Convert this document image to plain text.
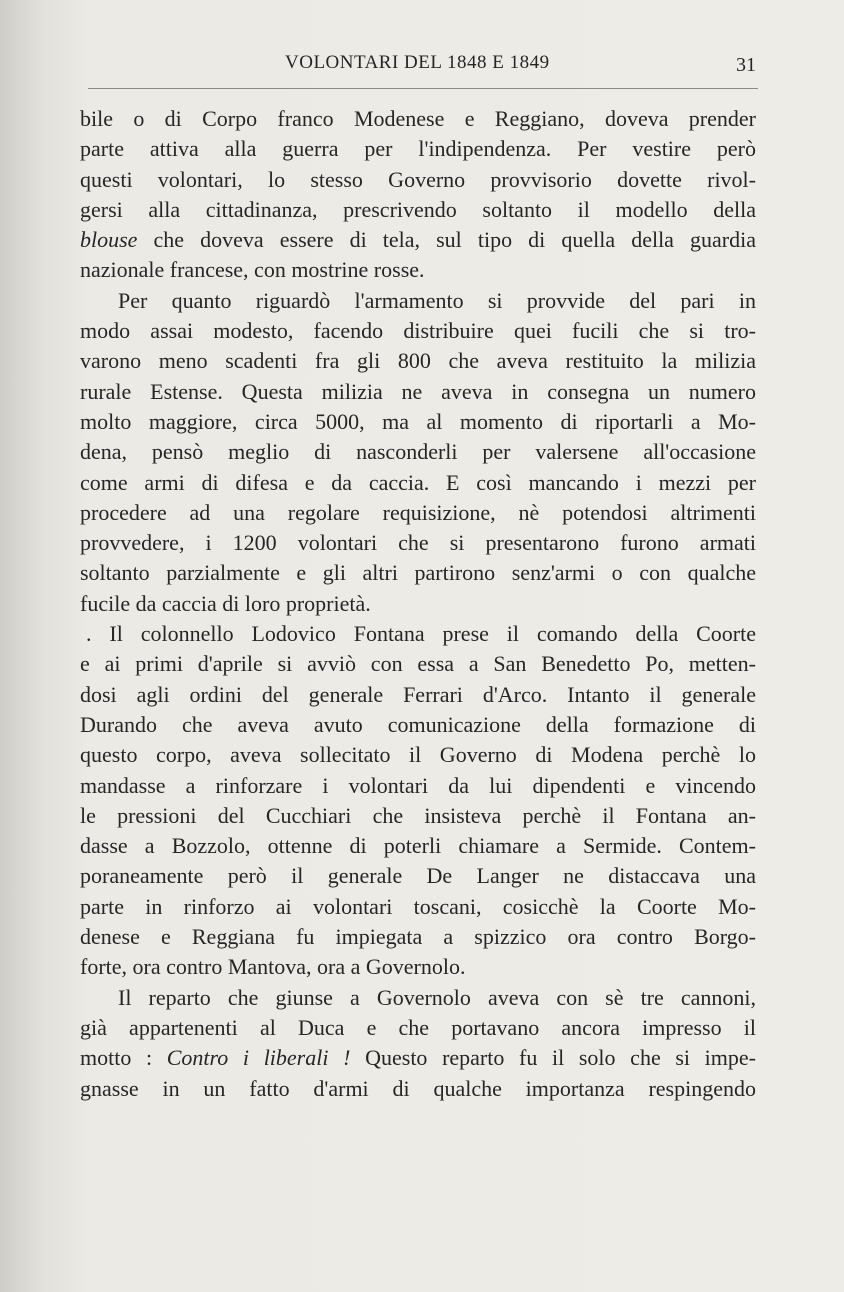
VOLONTARI DEL 1848 E 1849	31
bile o di Corpo franco Modenese e Reggiano, doveva prender
parte attiva alla guerra per l'indipendenza. Per vestire però
questi volontari, lo stesso Governo provvisorio dovette rivol-
gersi alla cittadinanza, prescrivendo soltanto il modello della
blouse che doveva essere di tela, sul tipo di quella della guardia
nazionale francese, con mostrine rosse.
Per quanto riguardò l'armamento si provvide del pari in
modo assai modesto, facendo distribuire quei fucili che si tro-
varono meno scadenti fra gli 800 che aveva restituito la milizia
rurale Estense. Questa milizia ne aveva in consegna un numero
molto maggiore, circa 5000, ma al momento di riportarli a Mo-
dena, pensò meglio di nasconderli per valersene all'occasione
come armi di difesa e da caccia. E così mancando i mezzi per
procedere ad una regolare requisizione, nè potendosi altrimenti
provvedere, i 1200 volontari che si presentarono furono armati
soltanto parzialmente e gli altri partirono senz'armi o con qualche
fucile da caccia di loro proprietà.
. Il colonnello Lodovico Fontana prese il comando della Coorte
e ai primi d'aprile si avviò con essa a San Benedetto Po, metten-
dosi agli ordini del generale Ferrari d'Arco. Intanto il generale
Durando che aveva avuto comunicazione della formazione di
questo corpo, aveva sollecitato il Governo di Modena perchè lo
mandasse a rinforzare i volontari da lui dipendenti e vincendo
le pressioni del Cucchiari che insisteva perchè il Fontana an-
dasse a Bozzolo, ottenne di poterli chiamare a Sermide. Contem-
poraneamente però il generale De Langer ne distaccava una
parte in rinforzo ai volontari toscani, cosicchè la Coorte Mo-
denese e Reggiana fu impiegata a spizzico ora contro Borgo-
forte, ora contro Mantova, ora a Governolo.
Il reparto che giunse a Governolo aveva con sè tre cannoni,
già appartenenti al Duca e che portavano ancora impresso il
motto : Contro i liberali ! Questo reparto fu il solo che si impe-
gnasse in un fatto d'armi di qualche importanza respingendo
